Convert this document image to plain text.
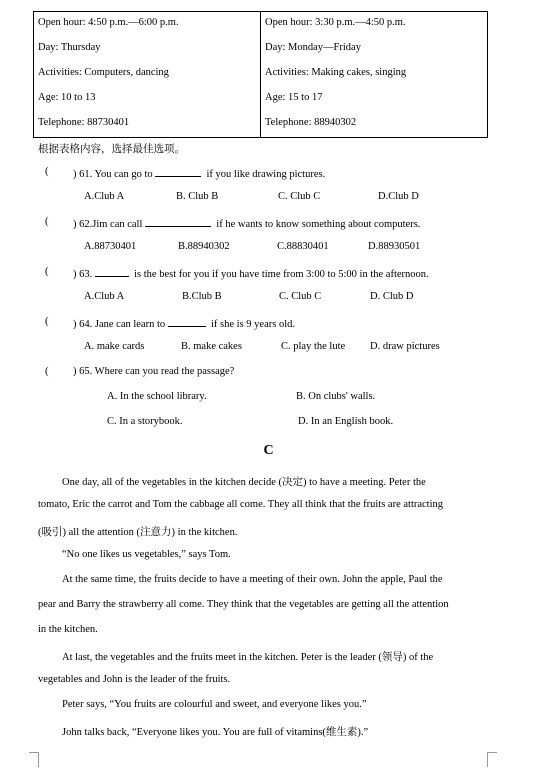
Open hour: 4:50 p.m.—6:00 p.m.
Day: Thursday
Activities: Computers, dancing
Age: 10 to 13
Telephone: 88730401

Open hour: 3:30 p.m.—4:50 p.m.
Day: Monday—Friday
Activities: Making cakes, singing
Age: 15 to 17
Telephone: 88940302
根据表格内容，选择最佳选项。
( ) 61. You can go to	if you like drawing pictures.
A.Club A	B. Club B	C. Club C	D.Club D
( ) 62.Jim can call	if he wants to know something about computers.
A.88730401	B.88940302	C.88830401	D.88930501
( ) 63.	is the best for you if you have time from 3:00 to 5:00 in the afternoon.
A.Club A	B.Club B	C. Club C	D. Club D
( ) 64. Jane can learn to	if she is 9 years old.
A. make cards	B. make cakes	C. play the lute D. draw pictures
( ) 65. Where can you read the passage?
A. In the school library.	B. On clubs' walls.
C. In a storybook.	D. In an English book.
C
One day, all of the vegetables in the kitchen decide (决定) to have a meeting. Peter the
tomato, Eric the carrot and Tom the cabbage all come. They all think that the fruits are attracting
(吸引) all the attention (注意力) in the kitchen.
“No one likes us vegetables,” says Tom.
At the same time, the fruits decide to have a meeting of their own. John the apple, Paul the
pear and Barry the strawberry all come. They think that the vegetables are getting all the attention
in the kitchen.
At last, the vegetables and the fruits meet in the kitchen. Peter is the leader (领导) of the
vegetables and John is the leader of the fruits.
Peter says, “You fruits are colourful and sweet, and everyone likes you.”
John talks back, “Everyone likes you. You are full of vitamins(维生素).”
